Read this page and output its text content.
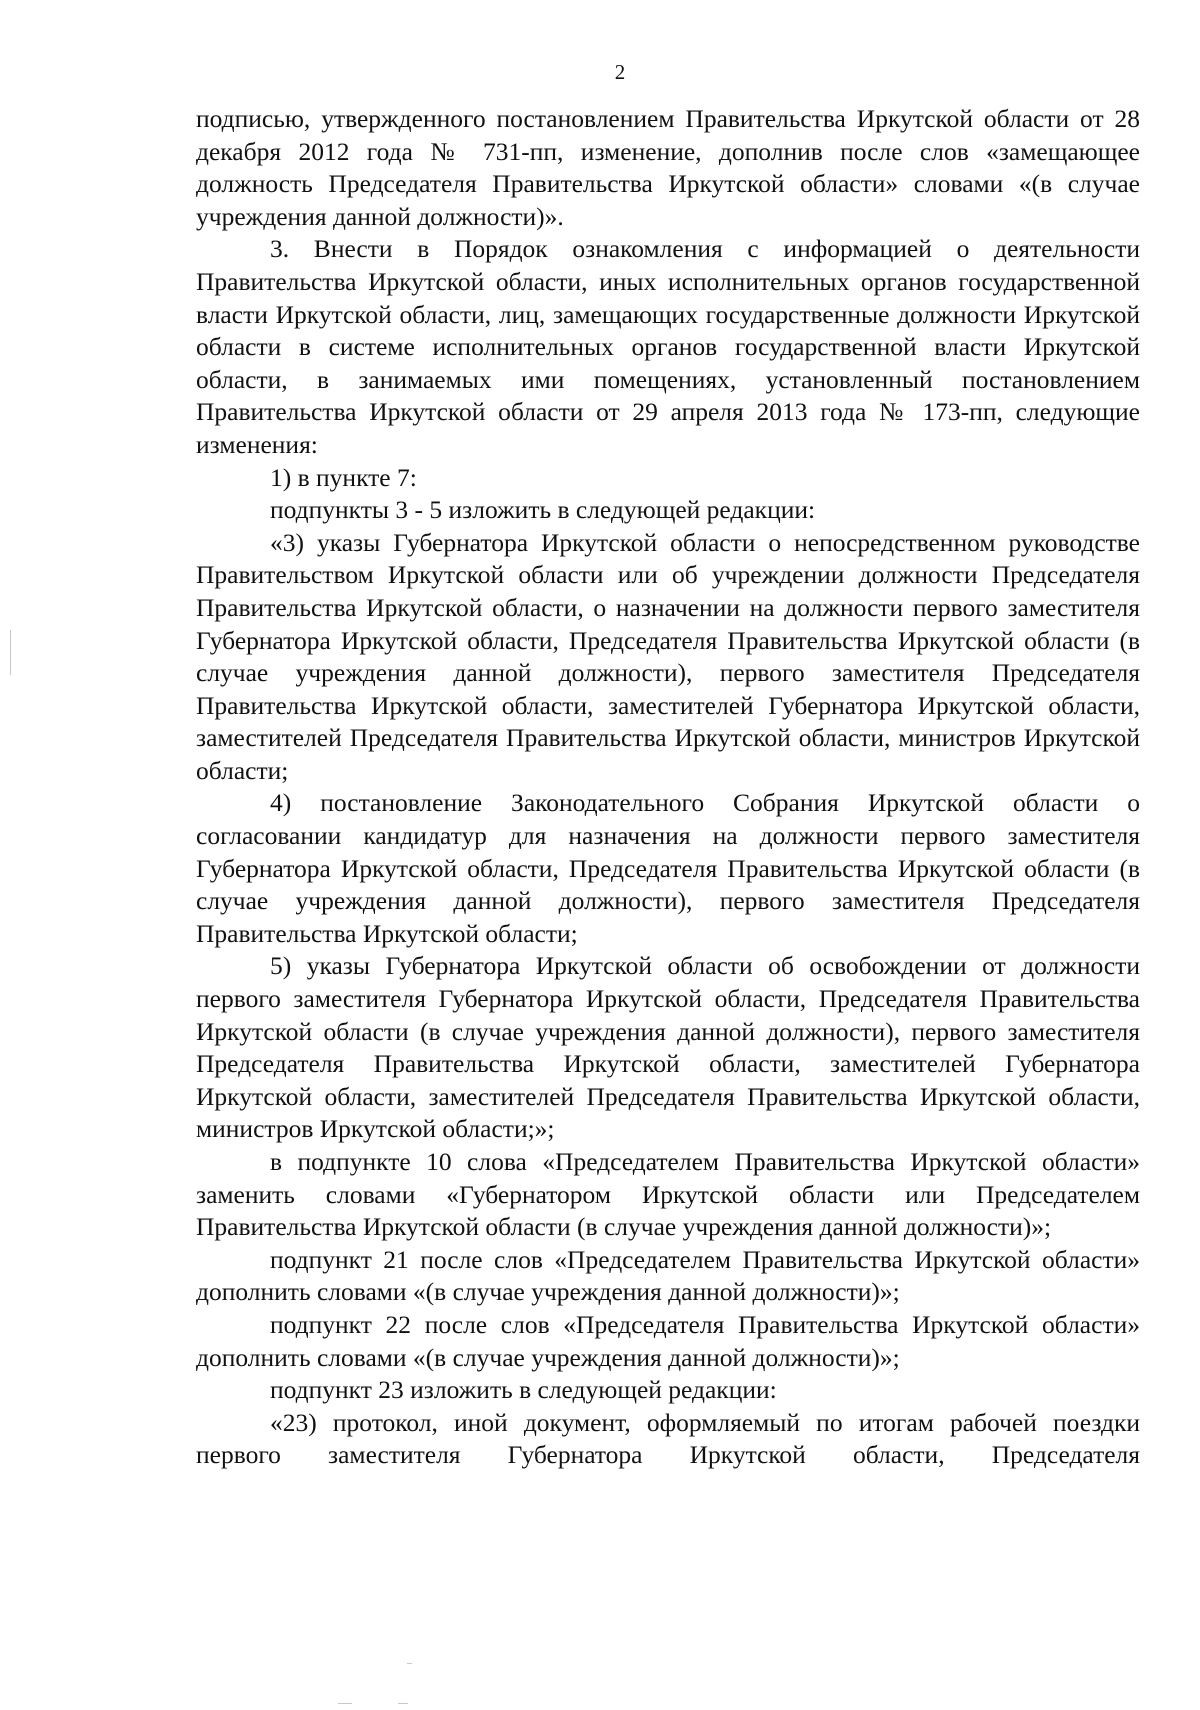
2

подписью, утвержденного постановлением Правительства Иркутской области от 28 декабря 2012 года № 731-пп, изменение, дополнив после слов «замещающее должность Председателя Правительства Иркутской области» словами «(в случае учреждения данной должности)».

3. Внести в Порядок ознакомления с информацией о деятельности Правительства Иркутской области, иных исполнительных органов государственной власти Иркутской области, лиц, замещающих государственные должности Иркутской области в системе исполнительных органов государственной власти Иркутской области, в занимаемых ими помещениях, установленный постановлением Правительства Иркутской области от 29 апреля 2013 года № 173-пп, следующие изменения:

1) в пункте 7:

подпункты 3 - 5 изложить в следующей редакции:

«3) указы Губернатора Иркутской области о непосредственном руководстве Правительством Иркутской области или об учреждении должности Председателя Правительства Иркутской области, о назначении на должности первого заместителя Губернатора Иркутской области, Председателя Правительства Иркутской области (в случае учреждения данной должности), первого заместителя Председателя Правительства Иркутской области, заместителей Губернатора Иркутской области, заместителей Председателя Правительства Иркутской области, министров Иркутской области;

4) постановление Законодательного Собрания Иркутской области о согласовании кандидатур для назначения на должности первого заместителя Губернатора Иркутской области, Председателя Правительства Иркутской области (в случае учреждения данной должности), первого заместителя Председателя Правительства Иркутской области;

5) указы Губернатора Иркутской области об освобождении от должности первого заместителя Губернатора Иркутской области, Председателя Правительства Иркутской области (в случае учреждения данной должности), первого заместителя Председателя Правительства Иркутской области, заместителей Губернатора Иркутской области, заместителей Председателя Правительства Иркутской области, министров Иркутской области;»;

в подпункте 10 слова «Председателем Правительства Иркутской области» заменить словами «Губернатором Иркутской области или Председателем Правительства Иркутской области (в случае учреждения данной должности)»;

подпункт 21 после слов «Председателем Правительства Иркутской области» дополнить словами «(в случае учреждения данной должности)»;

подпункт 22 после слов «Председателя Правительства Иркутской области» дополнить словами «(в случае учреждения данной должности)»;

подпункт 23 изложить в следующей редакции:

«23) протокол, иной документ, оформляемый по итогам рабочей поездки первого заместителя Губернатора Иркутской области, Председателя
